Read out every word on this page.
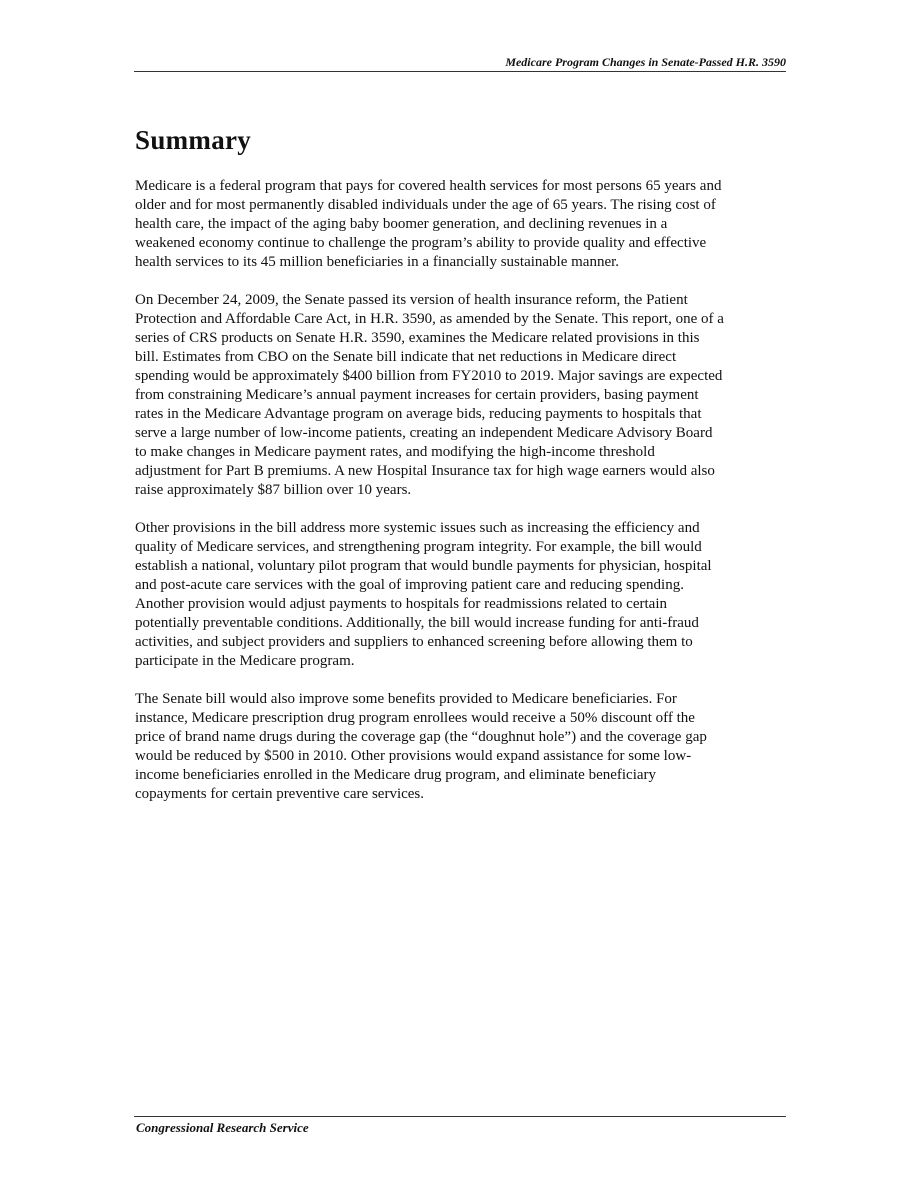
Medicare Program Changes in Senate-Passed H.R. 3590
Summary

Medicare is a federal program that pays for covered health services for most persons 65 years and
older and for most permanently disabled individuals under the age of 65 years. The rising cost of
health care, the impact of the aging baby boomer generation, and declining revenues in a
weakened economy continue to challenge the program’s ability to provide quality and effective
health services to its 45 million beneficiaries in a financially sustainable manner.

On December 24, 2009, the Senate passed its version of health insurance reform, the Patient
Protection and Affordable Care Act, in H.R. 3590, as amended by the Senate. This report, one of a
series of CRS products on Senate H.R. 3590, examines the Medicare related provisions in this
bill. Estimates from CBO on the Senate bill indicate that net reductions in Medicare direct
spending would be approximately $400 billion from FY2010 to 2019. Major savings are expected
from constraining Medicare’s annual payment increases for certain providers, basing payment
rates in the Medicare Advantage program on average bids, reducing payments to hospitals that
serve a large number of low-income patients, creating an independent Medicare Advisory Board
to make changes in Medicare payment rates, and modifying the high-income threshold
adjustment for Part B premiums. A new Hospital Insurance tax for high wage earners would also
raise approximately $87 billion over 10 years.

Other provisions in the bill address more systemic issues such as increasing the efficiency and
quality of Medicare services, and strengthening program integrity. For example, the bill would
establish a national, voluntary pilot program that would bundle payments for physician, hospital
and post-acute care services with the goal of improving patient care and reducing spending.
Another provision would adjust payments to hospitals for readmissions related to certain
potentially preventable conditions. Additionally, the bill would increase funding for anti-fraud
activities, and subject providers and suppliers to enhanced screening before allowing them to
participate in the Medicare program.

The Senate bill would also improve some benefits provided to Medicare beneficiaries. For
instance, Medicare prescription drug program enrollees would receive a 50% discount off the
price of brand name drugs during the coverage gap (the “doughnut hole”) and the coverage gap
would be reduced by $500 in 2010. Other provisions would expand assistance for some low-
income beneficiaries enrolled in the Medicare drug program, and eliminate beneficiary
copayments for certain preventive care services.

Congressional Research Service
